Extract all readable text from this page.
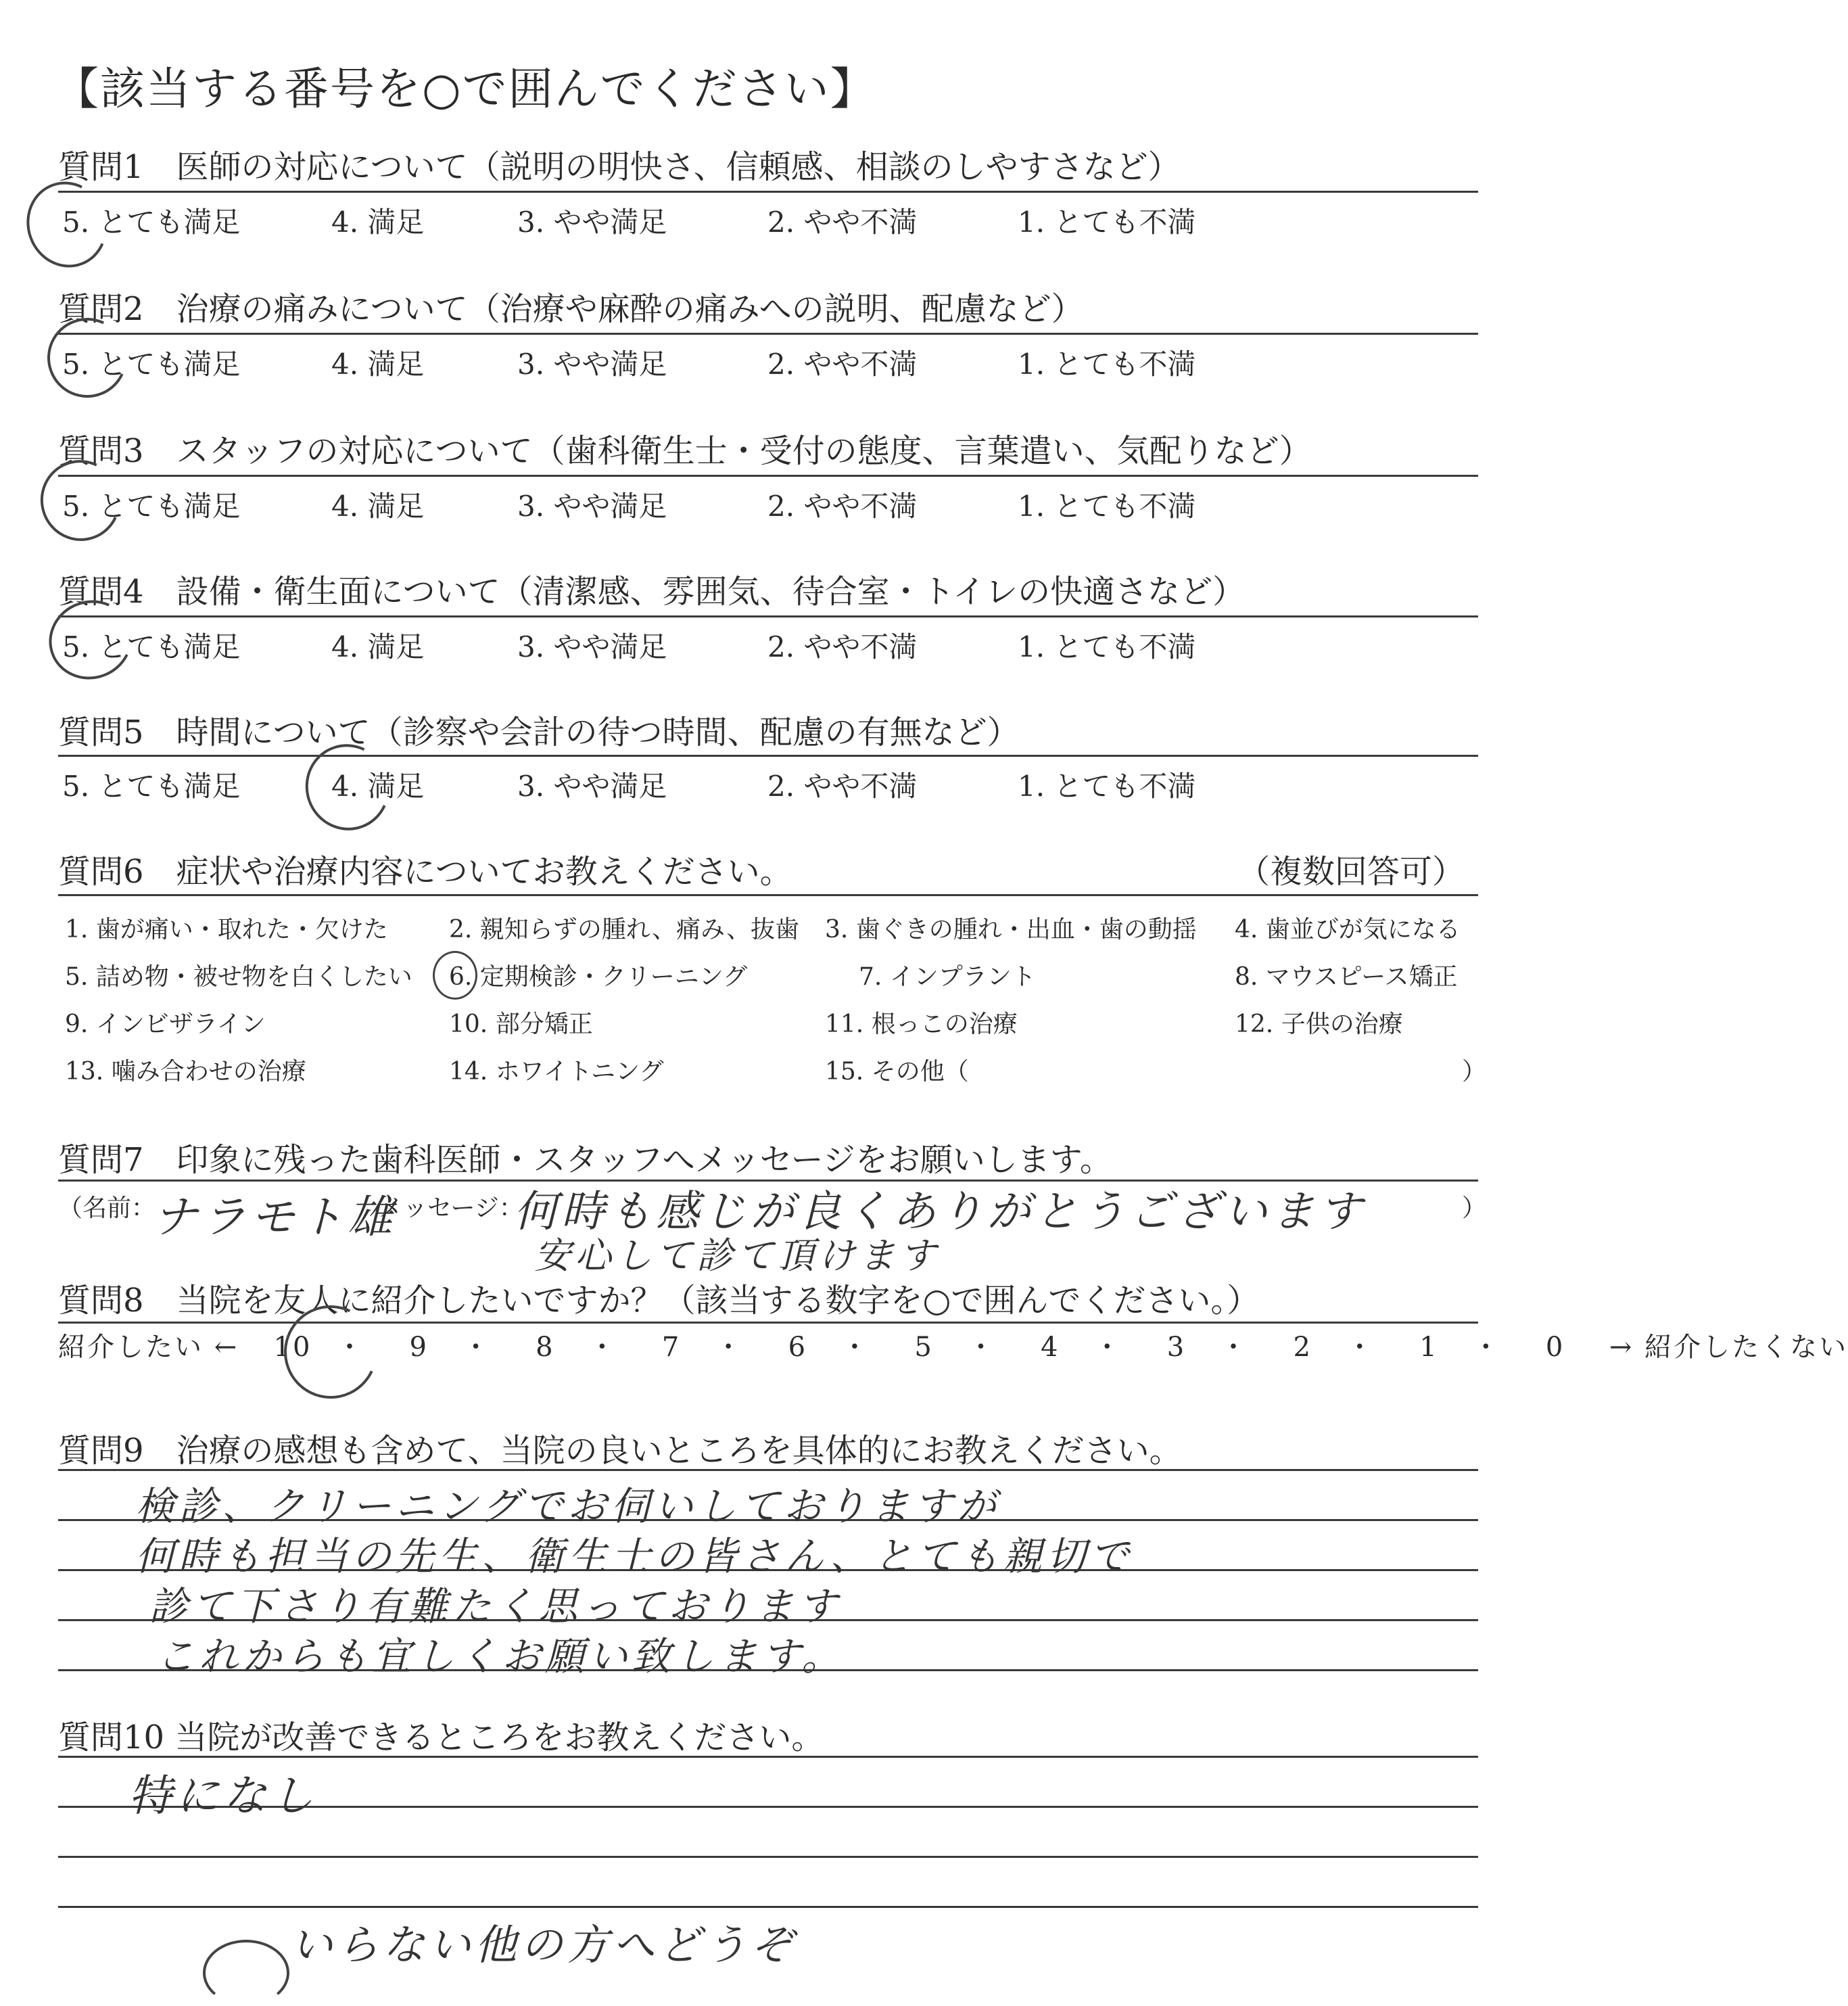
【該当する番号を○で囲んでください】
質問1　医師の対応について（説明の明快さ、信頼感、相談のしやすさなど）
5. とても満足	4. 満足	3. やや満足	2. やや不満	1. とても不満
質問2　治療の痛みについて（治療や麻酔の痛みへの説明、配慮など）
5. とても満足	4. 満足	3. やや満足	2. やや不満	1. とても不満
質問3　スタッフの対応について（歯科衛生士・受付の態度、言葉遣い、気配りなど）
5. とても満足	4. 満足	3. やや満足	2. やや不満	1. とても不満
質問4　設備・衛生面について（清潔感、雰囲気、待合室・トイレの快適さなど）
5. とても満足	4. 満足	3. やや満足	2. やや不満	1. とても不満
質問5　時間について（診察や会計の待つ時間、配慮の有無など）
5. とても満足	4. 満足	3. やや満足	2. やや不満	1. とても不満
質問6　症状や治療内容についてお教えください。	（複数回答可）
1. 歯が痛い・取れた・欠けた	2. 親知らずの腫れ、痛み、抜歯 3. 歯ぐきの腫れ・出血・歯の動揺 4. 歯並びが気になる
5. 詰め物・被せ物を白くしたい 6. 定期検診・クリーニング	7. インプラント	8. マウスピース矯正
9. インビザライン	10. 部分矯正	11. 根っこの治療	12. 子供の治療
13. 噛み合わせの治療	14. ホワイトニング	15. その他（	）
質問7　印象に残った歯科医師・スタッフへメッセージをお願いします。
（名前：	メッセージ：	）
ナラモト雄	何時も感じが良くありがとうございます
安心して診て頂けます
質問8　当院を友人に紹介したいですか？（該当する数字を○で囲んでください。）
紹介したい ← 10 ・ 9 ・ 8 ・ 7 ・ 6 ・ 5 ・ 4 ・ 3 ・ 2 ・ 1 ・ 0 → 紹介したくない
質問9　治療の感想も含めて、当院の良いところを具体的にお教えください。
検診、クリーニングでお伺いしておりますが
何時も担当の先生、衛生士の皆さん、とても親切で
診て下さり有難たく思っております
これからも宜しくお願い致します。
質問10 当院が改善できるところをお教えください。
特になし
いらない他の方へどうぞ
